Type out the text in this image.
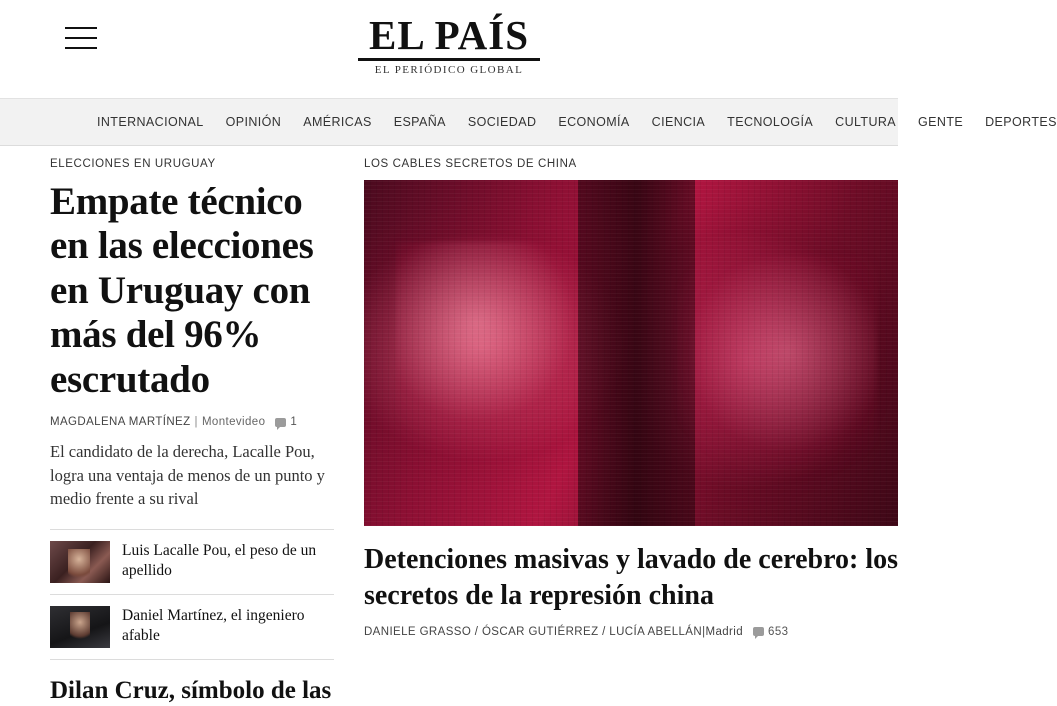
EL PAÍS
EL PERIÓDICO GLOBAL
INTERNACIONAL OPINIÓN AMÉRICAS ESPAÑA SOCIEDAD ECONOMÍA CIENCIA TECNOLOGÍA CULTURA GENTE DEPORTES
ELECCIONES EN URUGUAY
Empate técnico en las elecciones en Uruguay con más del 96% escrutado
MAGDALENA MARTÍNEZ | Montevideo 1

El candidato de la derecha, Lacalle Pou, logra una ventaja de menos de un punto y medio frente a su rival

Luis Lacalle Pou, el peso de un apellido
Daniel Martínez, el ingeniero afable
Dilan Cruz, símbolo de las
LOS CABLES SECRETOS DE CHINA
Detenciones masivas y lavado de cerebro: los
secretos de la represión china
DANIELE GRASSO / ÓSCAR GUTIÉRREZ / LUCÍA ABELLÁN | Madrid 653
